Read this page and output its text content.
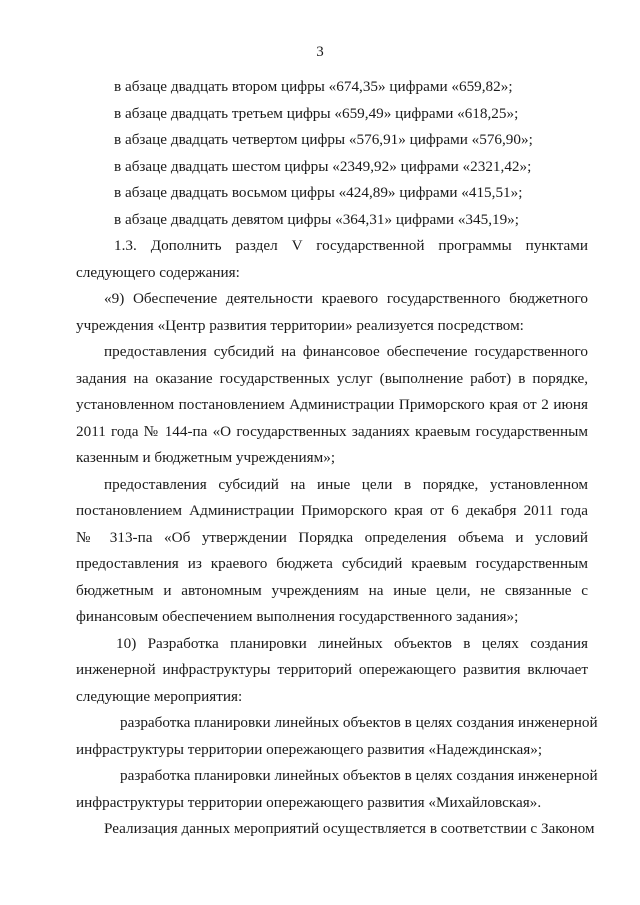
3
в абзаце двадцать втором цифры «674,35» цифрами «659,82»;
в абзаце двадцать третьем цифры «659,49» цифрами «618,25»;
в абзаце двадцать четвертом цифры «576,91» цифрами «576,90»;
в абзаце двадцать шестом цифры «2349,92» цифрами «2321,42»;
в абзаце двадцать восьмом цифры «424,89» цифрами «415,51»;
в абзаце двадцать девятом цифры «364,31» цифрами «345,19»;
1.3. Дополнить раздел V государственной программы пунктами
следующего содержания:
«9) Обеспечение деятельности краевого государственного бюджетного
учреждения «Центр развития территории» реализуется посредством:
предоставления субсидий на финансовое обеспечение государственного
задания на оказание государственных услуг (выполнение работ) в порядке,
установленном постановлением Администрации Приморского края от 2 июня
2011 года № 144-па «О государственных заданиях краевым государственным
казенным и бюджетным учреждениям»;
предоставления субсидий на иные цели в порядке, установленном
постановлением Администрации Приморского края от 6 декабря 2011 года
№ 313-па «Об утверждении Порядка определения объема и условий
предоставления из краевого бюджета субсидий краевым государственным
бюджетным и автономным учреждениям на иные цели, не связанные с
финансовым обеспечением выполнения государственного задания»;
10) Разработка планировки линейных объектов в целях создания
инженерной инфраструктуры территорий опережающего развития включает
следующие мероприятия:
разработка планировки линейных объектов в целях создания инженерной
инфраструктуры территории опережающего развития «Надеждинская»;
разработка планировки линейных объектов в целях создания инженерной
инфраструктуры территории опережающего развития «Михайловская».
Реализация данных мероприятий осуществляется в соответствии с Законом
